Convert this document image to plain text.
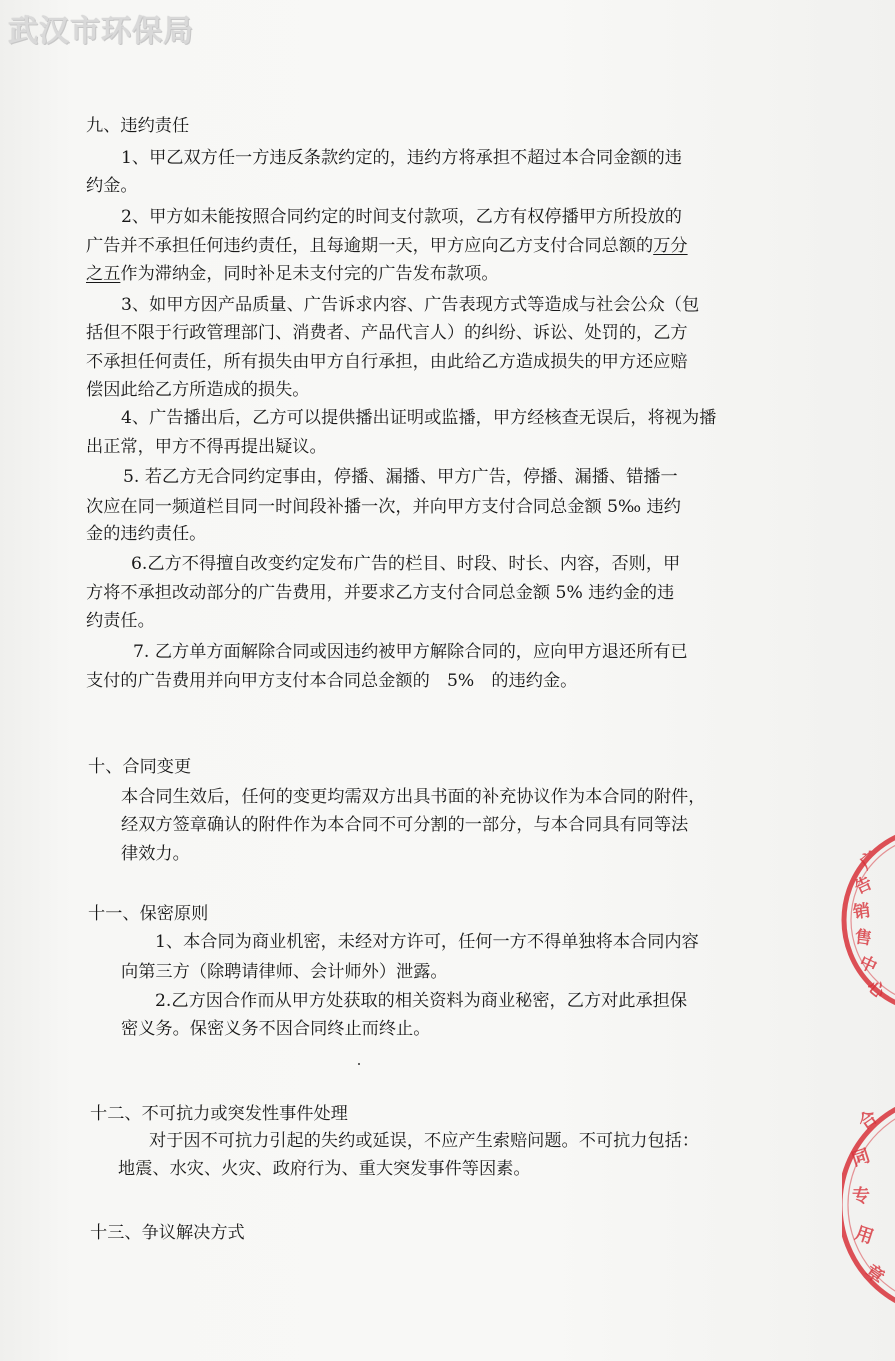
武汉市环保局
九、违约责任
1、甲乙双方任一方违反条款约定的，违约方将承担不超过本合同金额的违
约金。
2、甲方如未能按照合同约定的时间支付款项，乙方有权停播甲方所投放的
广告并不承担任何违约责任，且每逾期一天，甲方应向乙方支付合同总额的万分
之五作为滞纳金，同时补足未支付完的广告发布款项。
3、如甲方因产品质量、广告诉求内容、广告表现方式等造成与社会公众（包
括但不限于行政管理部门、消费者、产品代言人）的纠纷、诉讼、处罚的，乙方
不承担任何责任，所有损失由甲方自行承担，由此给乙方造成损失的甲方还应赔
偿因此给乙方所造成的损失。
4、广告播出后，乙方可以提供播出证明或监播，甲方经核查无误后，将视为播
出正常，甲方不得再提出疑议。
5. 若乙方无合同约定事由，停播、漏播、甲方广告，停播、漏播、错播一
次应在同一频道栏目同一时间段补播一次，并向甲方支付合同总金额 5‰ 违约
金的违约责任。
6.乙方不得擅自改变约定发布广告的栏目、时段、时长、内容，否则，甲
方将不承担改动部分的广告费用，并要求乙方支付合同总金额 5% 违约金的违
约责任。
7. 乙方单方面解除合同或因违约被甲方解除合同的，应向甲方退还所有已
支付的广告费用并向甲方支付本合同总金额的　5%　的违约金。
十、合同变更
本合同生效后，任何的变更均需双方出具书面的补充协议作为本合同的附件，
经双方签章确认的附件作为本合同不可分割的一部分，与本合同具有同等法
律效力。
十一、保密原则
1、本合同为商业机密，未经对方许可，任何一方不得单独将本合同内容
向第三方（除聘请律师、会计师外）泄露。
2.乙方因合作而从甲方处获取的相关资料为商业秘密，乙方对此承担保
密义务。保密义务不因合同终止而终止。
十二、不可抗力或突发性事件处理
对于因不可抗力引起的失约或延误，不应产生索赔问题。不可抗力包括：
地震、水灾、火灾、政府行为、重大突发事件等因素。
十三、争议解决方式
广
告
销
售
中
心
合
同
专
用
章
